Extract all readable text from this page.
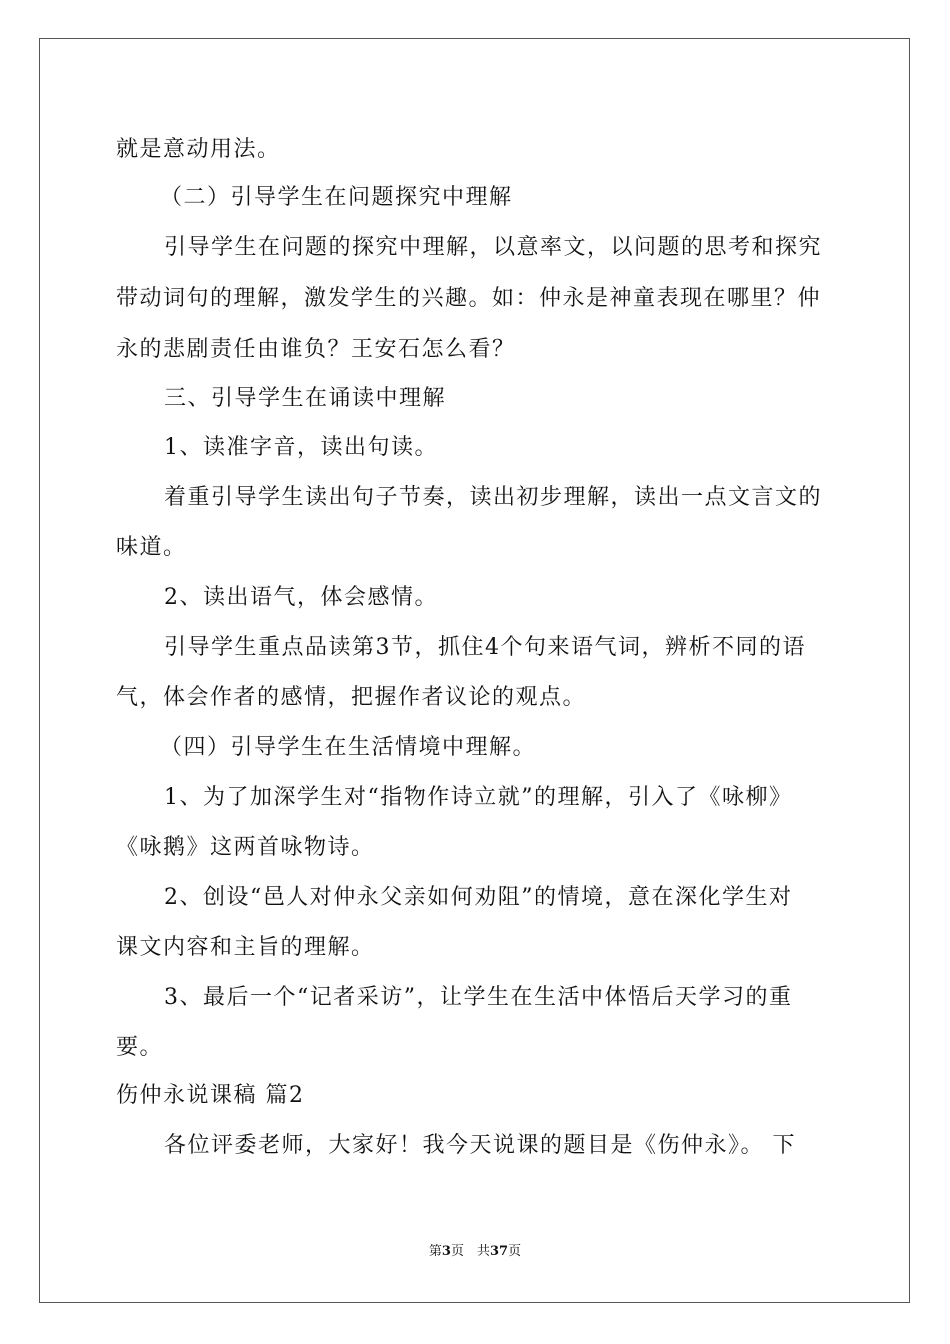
就是意动用法。
（二）引导学生在问题探究中理解
引导学生在问题的探究中理解，以意率文，以问题的思考和探究
带动词句的理解，激发学生的兴趣。如：仲永是神童表现在哪里？仲
永的悲剧责任由谁负？王安石怎么看？
三、引导学生在诵读中理解
1、读准字音，读出句读。
着重引导学生读出句子节奏，读出初步理解，读出一点文言文的
味道。
2、读出语气，体会感情。
引导学生重点品读第3节，抓住4个句来语气词，辨析不同的语
气，体会作者的感情，把握作者议论的观点。
（四）引导学生在生活情境中理解。
1、为了加深学生对“指物作诗立就”的理解，引入了《咏柳》
《咏鹅》这两首咏物诗。
2、创设“邑人对仲永父亲如何劝阻”的情境，意在深化学生对
课文内容和主旨的理解。
3、最后一个“记者采访”，让学生在生活中体悟后天学习的重
要。
伤仲永说课稿 篇2
各位评委老师，大家好！我今天说课的题目是《伤仲永》。 下
第3页　共37页
